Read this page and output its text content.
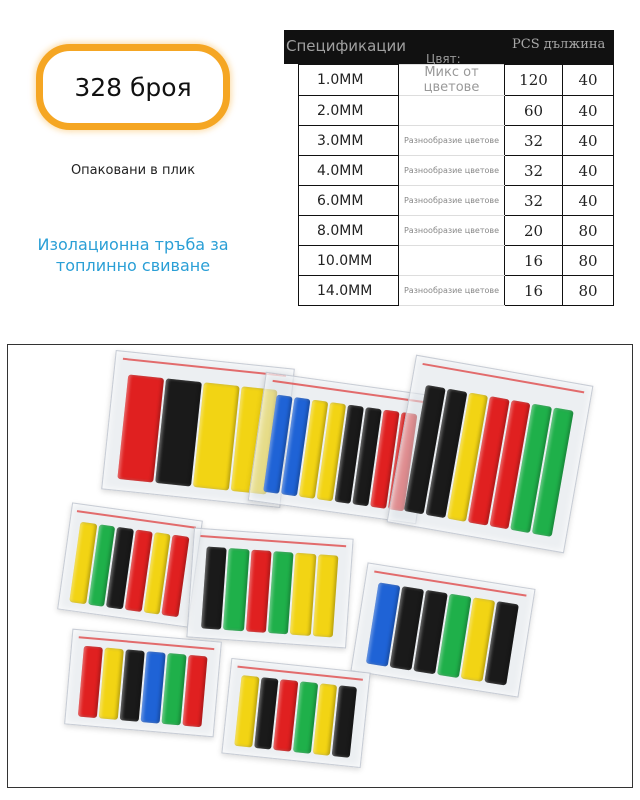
328 броя
Опаковани в плик
Изолационна тръба за топлинно свиване
Спецификации
Цвят:
PCS дължина
1.0MM	Микс от цветове	120	40
2.0MM		60	40
3.0MM	Разнообразие цветове	32	40
4.0MM	Разнообразие цветове	32	40
6.0MM	Разнообразие цветове	32	40
8.0MM	Разнообразие цветове	20	80
10.0MM		16	80
14.0MM	Разнообразие цветове	16	80
